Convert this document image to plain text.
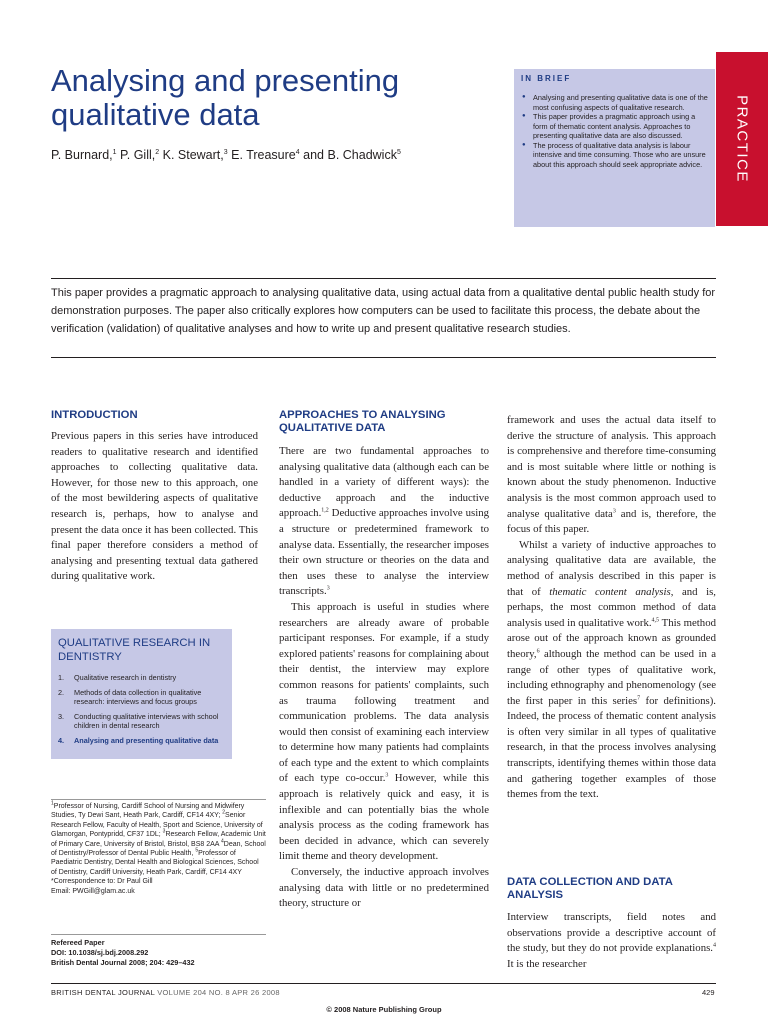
Analysing and presenting qualitative data
P. Burnard,$^1$ P. Gill,$^2$ K. Stewart,$^3$ E. Treasure$^4$ and B. Chadwick$^5$
IN BRIEF
● Analysing and presenting qualitative data is one of the most confusing aspects of qualitative research.
● This paper provides a pragmatic approach using a form of thematic content analysis. Approaches to presenting qualitative data are also discussed.
● The process of qualitative data analysis is labour intensive and time consuming. Those who are unsure about this approach should seek appropriate advice.	PRACTICE
This paper provides a pragmatic approach to analysing qualitative data, using actual data from a qualitative dental public health study for demonstration purposes. The paper also critically explores how computers can be used to facilitate this process, the debate about the verification (validation) of qualitative analyses and how to write up and present qualitative research studies.
INTRODUCTION

Previous papers in this series have introduced readers to qualitative research and identified approaches to collecting qualitative data. However, for those new to this approach, one of the most bewildering aspects of qualitative research is, perhaps, how to analyse and present the data once it has been collected. This final paper therefore considers a method of analysing and presenting textual data gathered during qualitative work.

QUALITATIVE RESEARCH IN DENTISTRY
1. Qualitative research in dentistry
2. Methods of data collection in qualitative research: interviews and focus groups
3. Conducting qualitative interviews with school children in dental research
4. Analysing and presenting qualitative data
$^1$Professor of Nursing, Cardiff School of Nursing and Midwifery Studies, Ty Dewi Sant, Heath Park, Cardiff, CF14 4XY; $^2$Senior Research Fellow, Faculty of Health, Sport and Science, University of Glamorgan, Pontypridd, CF37 1DL; $^3$Research Fellow, Academic Unit of Primary Care, University of Bristol, Bristol, BS8 2AA $^4$Dean, School of Dentistry/Professor of Dental Public Health, $^5$Professor of Paediatric Dentistry, Dental Health and Biological Sciences, School of Dentistry, Cardiff University, Heath Park, Cardiff, CF14 4XY
*Correspondence to: Dr Paul Gill
Email: PWGill@glam.ac.uk
Refereed Paper
DOI: 10.1038/sj.bdj.2008.292
British Dental Journal 2008; 204: 429–432
APPROACHES TO ANALYSING QUALITATIVE DATA

There are two fundamental approaches to analysing qualitative data (although each can be handled in a variety of different ways): the deductive approach and the inductive approach.$^{1,2}$ Deductive approaches involve using a structure or predetermined framework to analyse data. Essentially, the researcher imposes their own structure or theories on the data and then uses these to analyse the interview transcripts.$^3$

This approach is useful in studies where researchers are already aware of probable participant responses. For example, if a study explored patients' reasons for complaining about their dentist, the interview may explore common reasons for patients' complaints, such as trauma following treatment and communication problems. The data analysis would then consist of examining each interview to determine how many patients had complaints of each type and the extent to which complaints of each type co-occur.$^3$ However, while this approach is relatively quick and easy, it is inflexible and can potentially bias the whole analysis process as the coding framework has been decided in advance, which can severely limit theme and theory development.

Conversely, the inductive approach involves analysing data with little or no predetermined theory, structure or

framework and uses the actual data itself to derive the structure of analysis. This approach is comprehensive and therefore time-consuming and is most suitable where little or nothing is known about the study phenomenon. Inductive analysis is the most common approach used to analyse qualitative data$^3$ and is, therefore, the focus of this paper.

Whilst a variety of inductive approaches to analysing qualitative data are available, the method of analysis described in this paper is that of thematic content analysis, and is, perhaps, the most common method of data analysis used in qualitative work.$^{4,5}$ This method arose out of the approach known as grounded theory,$^6$ although the method can be used in a range of other types of qualitative work, including ethnography and phenomenology (see the first paper in this series$^7$ for definitions). Indeed, the process of thematic content analysis is often very similar in all types of qualitative research, in that the process involves analysing transcripts, identifying themes within those data and gathering together examples of those themes from the text.

DATA COLLECTION AND DATA ANALYSIS

Interview transcripts, field notes and observations provide a descriptive account of the study, but they do not provide explanations.$^4$ It is the researcher

BRITISH DENTAL JOURNAL VOLUME 204 NO. 8 APR 26 2008	429
© 2008 Nature Publishing Group
